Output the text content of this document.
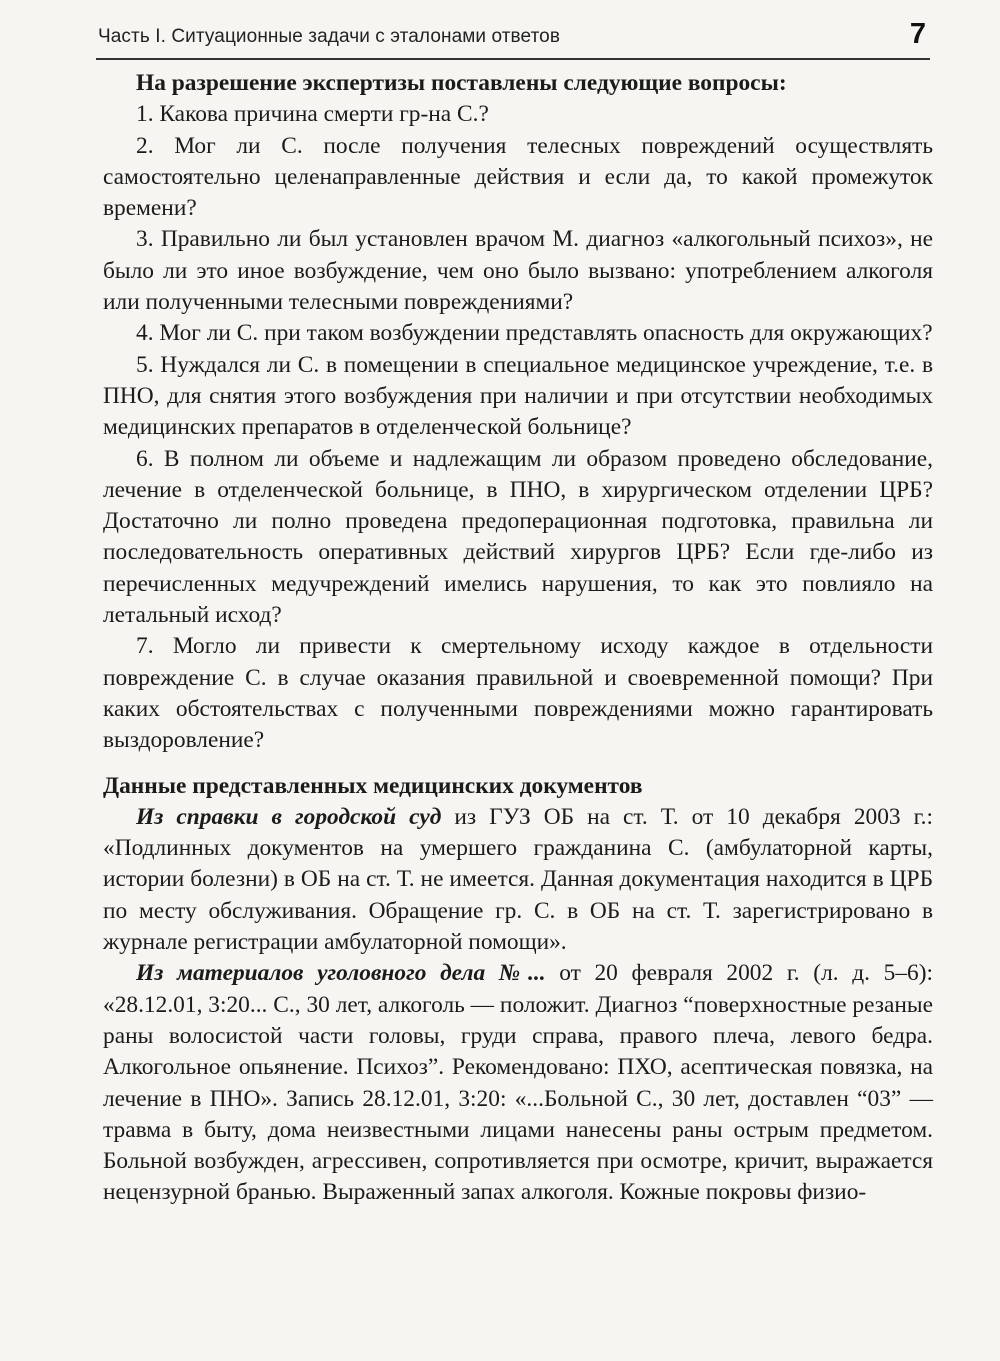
Часть I. Ситуационные задачи с эталонами ответов	7

На разрешение экспертизы поставлены следующие вопросы:

1. Какова причина смерти гр-на С.?

2. Мог ли С. после получения телесных повреждений осуществлять самостоятельно целенаправленные действия и если да, то какой промежуток времени?

3. Правильно ли был установлен врачом М. диагноз «алкогольный психоз», не было ли это иное возбуждение, чем оно было вызвано: употреблением алкоголя или полученными телесными повреждениями?

4. Мог ли С. при таком возбуждении представлять опасность для окружающих?

5. Нуждался ли С. в помещении в специальное медицинское учреждение, т.е. в ПНО, для снятия этого возбуждения при наличии и при отсутствии необходимых медицинских препаратов в отделенческой больнице?

6. В полном ли объеме и надлежащим ли образом проведено обследование, лечение в отделенческой больнице, в ПНО, в хирургическом отделении ЦРБ? Достаточно ли полно проведена предоперационная подготовка, правильна ли последовательность оперативных действий хирургов ЦРБ? Если где-либо из перечисленных медучреждений имелись нарушения, то как это повлияло на летальный исход?

7. Могло ли привести к смертельному исходу каждое в отдельности повреждение С. в случае оказания правильной и своевременной помощи? При каких обстоятельствах с полученными повреждениями можно гарантировать выздоровление?

Данные представленных медицинских документов

Из справки в городской суд из ГУЗ ОБ на ст. Т. от 10 декабря 2003 г.: «Подлинных документов на умершего гражданина С. (амбулаторной карты, истории болезни) в ОБ на ст. Т. не имеется. Данная документация находится в ЦРБ по месту обслуживания. Обращение гр. С. в ОБ на ст. Т. зарегистрировано в журнале регистрации амбулаторной помощи».

Из материалов уголовного дела №... от 20 февраля 2002 г. (л. д. 5–6): «28.12.01, 3:20... С., 30 лет, алкоголь — положит. Диагноз “поверхностные резаные раны волосистой части головы, груди справа, правого плеча, левого бедра. Алкогольное опьянение. Психоз”. Рекомендовано: ПХО, асептическая повязка, на лечение в ПНО». Запись 28.12.01, 3:20: «...Больной С., 30 лет, доставлен “03” — травма в быту, дома неизвестными лицами нанесены раны острым предметом. Больной возбужден, агрессивен, сопротивляется при осмотре, кричит, выражается нецензурной бранью. Выраженный запах алкоголя. Кожные покровы физио-
